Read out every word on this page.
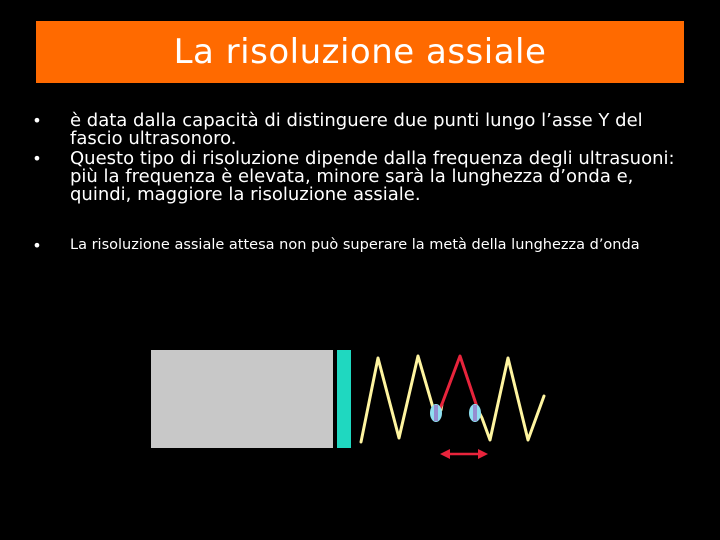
La risoluzione assiale
• è data dalla capacità di distinguere due punti lungo l’asse Y del fascio ultrasonoro.
• Questo tipo di risoluzione dipende dalla frequenza degli ultrasuoni: più la frequenza è elevata, minore sarà la lunghezza d’onda e, quindi, maggiore la risoluzione assiale.
• La risoluzione assiale attesa non può superare la metà della lunghezza d’onda
